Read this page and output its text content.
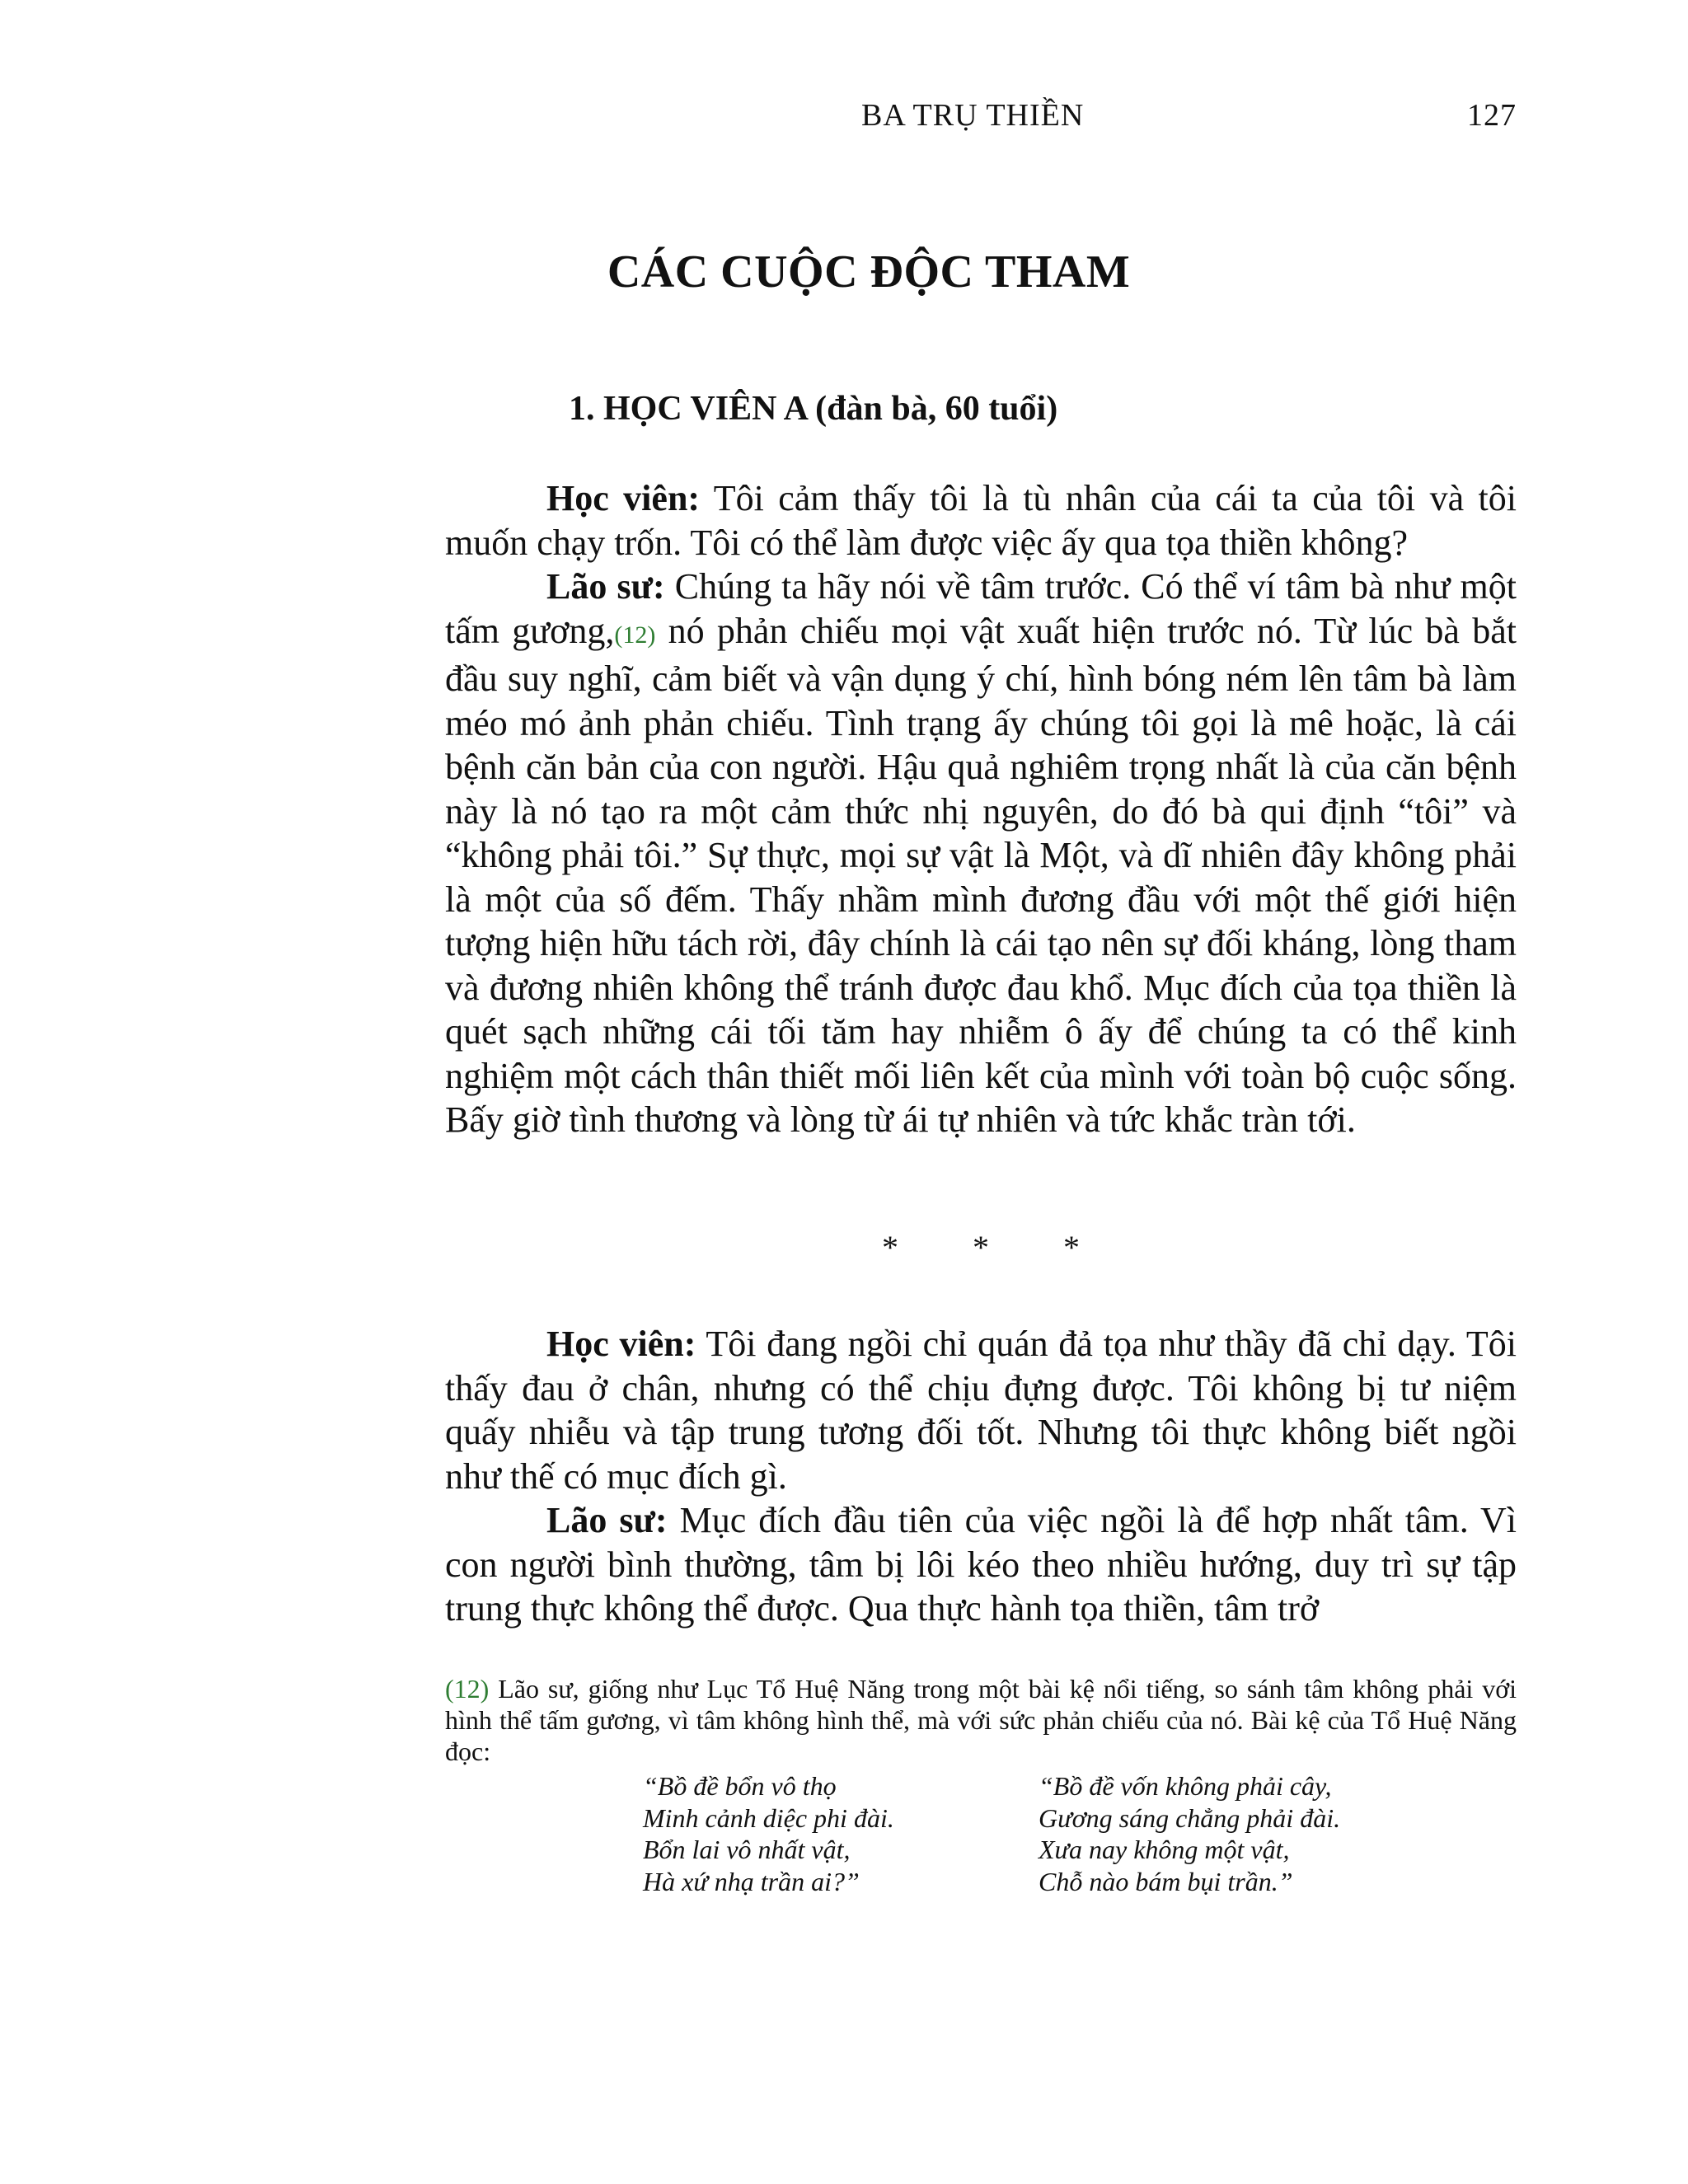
BA TRỤ THIỀN	127
CÁC CUỘC ĐỘC THAM
1. HỌC VIÊN A (đàn bà, 60 tuổi)

Học viên: Tôi cảm thấy tôi là tù nhân của cái ta của tôi và tôi muốn chạy trốn. Tôi có thể làm được việc ấy qua tọa thiền không?

Lão sư: Chúng ta hãy nói về tâm trước. Có thể ví tâm bà như một tấm gương,(12) nó phản chiếu mọi vật xuất hiện trước nó. Từ lúc bà bắt đầu suy nghĩ, cảm biết và vận dụng ý chí, hình bóng ném lên tâm bà làm méo mó ảnh phản chiếu. Tình trạng ấy chúng tôi gọi là mê hoặc, là cái bệnh căn bản của con người. Hậu quả nghiêm trọng nhất là của căn bệnh này là nó tạo ra một cảm thức nhị nguyên, do đó bà qui định “tôi” và “không phải tôi.” Sự thực, mọi sự vật là Một, và dĩ nhiên đây không phải là một của số đếm. Thấy nhầm mình đương đầu với một thế giới hiện tượng hiện hữu tách rời, đây chính là cái tạo nên sự đối kháng, lòng tham và đương nhiên không thể tránh được đau khổ. Mục đích của tọa thiền là quét sạch những cái tối tăm hay nhiễm ô ấy để chúng ta có thể kinh nghiệm một cách thân thiết mối liên kết của mình với toàn bộ cuộc sống. Bấy giờ tình thương và lòng từ ái tự nhiên và tức khắc tràn tới.

* * *

Học viên: Tôi đang ngồi chỉ quán đả tọa như thầy đã chỉ dạy. Tôi thấy đau ở chân, nhưng có thể chịu đựng được. Tôi không bị tư niệm quấy nhiễu và tập trung tương đối tốt. Nhưng tôi thực không biết ngồi như thế có mục đích gì.

Lão sư: Mục đích đầu tiên của việc ngồi là để hợp nhất tâm. Vì con người bình thường, tâm bị lôi kéo theo nhiều hướng, duy trì sự tập trung thực không thể được. Qua thực hành tọa thiền, tâm trở

(12) Lão sư, giống như Lục Tổ Huệ Năng trong một bài kệ nổi tiếng, so sánh tâm không phải với hình thể tấm gương, vì tâm không hình thể, mà với sức phản chiếu của nó. Bài kệ của Tổ Huệ Năng đọc:
“Bồ đề bổn vô thọ
Minh cảnh diệc phi đài.
Bổn lai vô nhất vật,
Hà xứ nhạ trần ai?”
“Bồ đề vốn không phải cây,
Gương sáng chẳng phải đài.
Xưa nay không một vật,
Chỗ nào bám bụi trần.”
